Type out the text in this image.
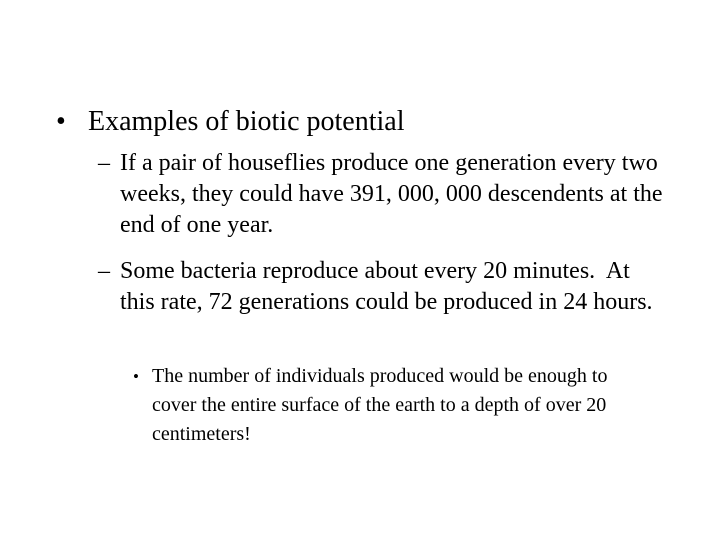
• Examples of biotic potential
– If a pair of houseflies produce one generation every two weeks, they could have 391, 000, 000 descendents at the end of one year.
– Some bacteria reproduce about every 20 minutes.  At this rate, 72 generations could be produced in 24 hours.
• The number of individuals produced would be enough to cover the entire surface of the earth to a depth of over 20 centimeters!
